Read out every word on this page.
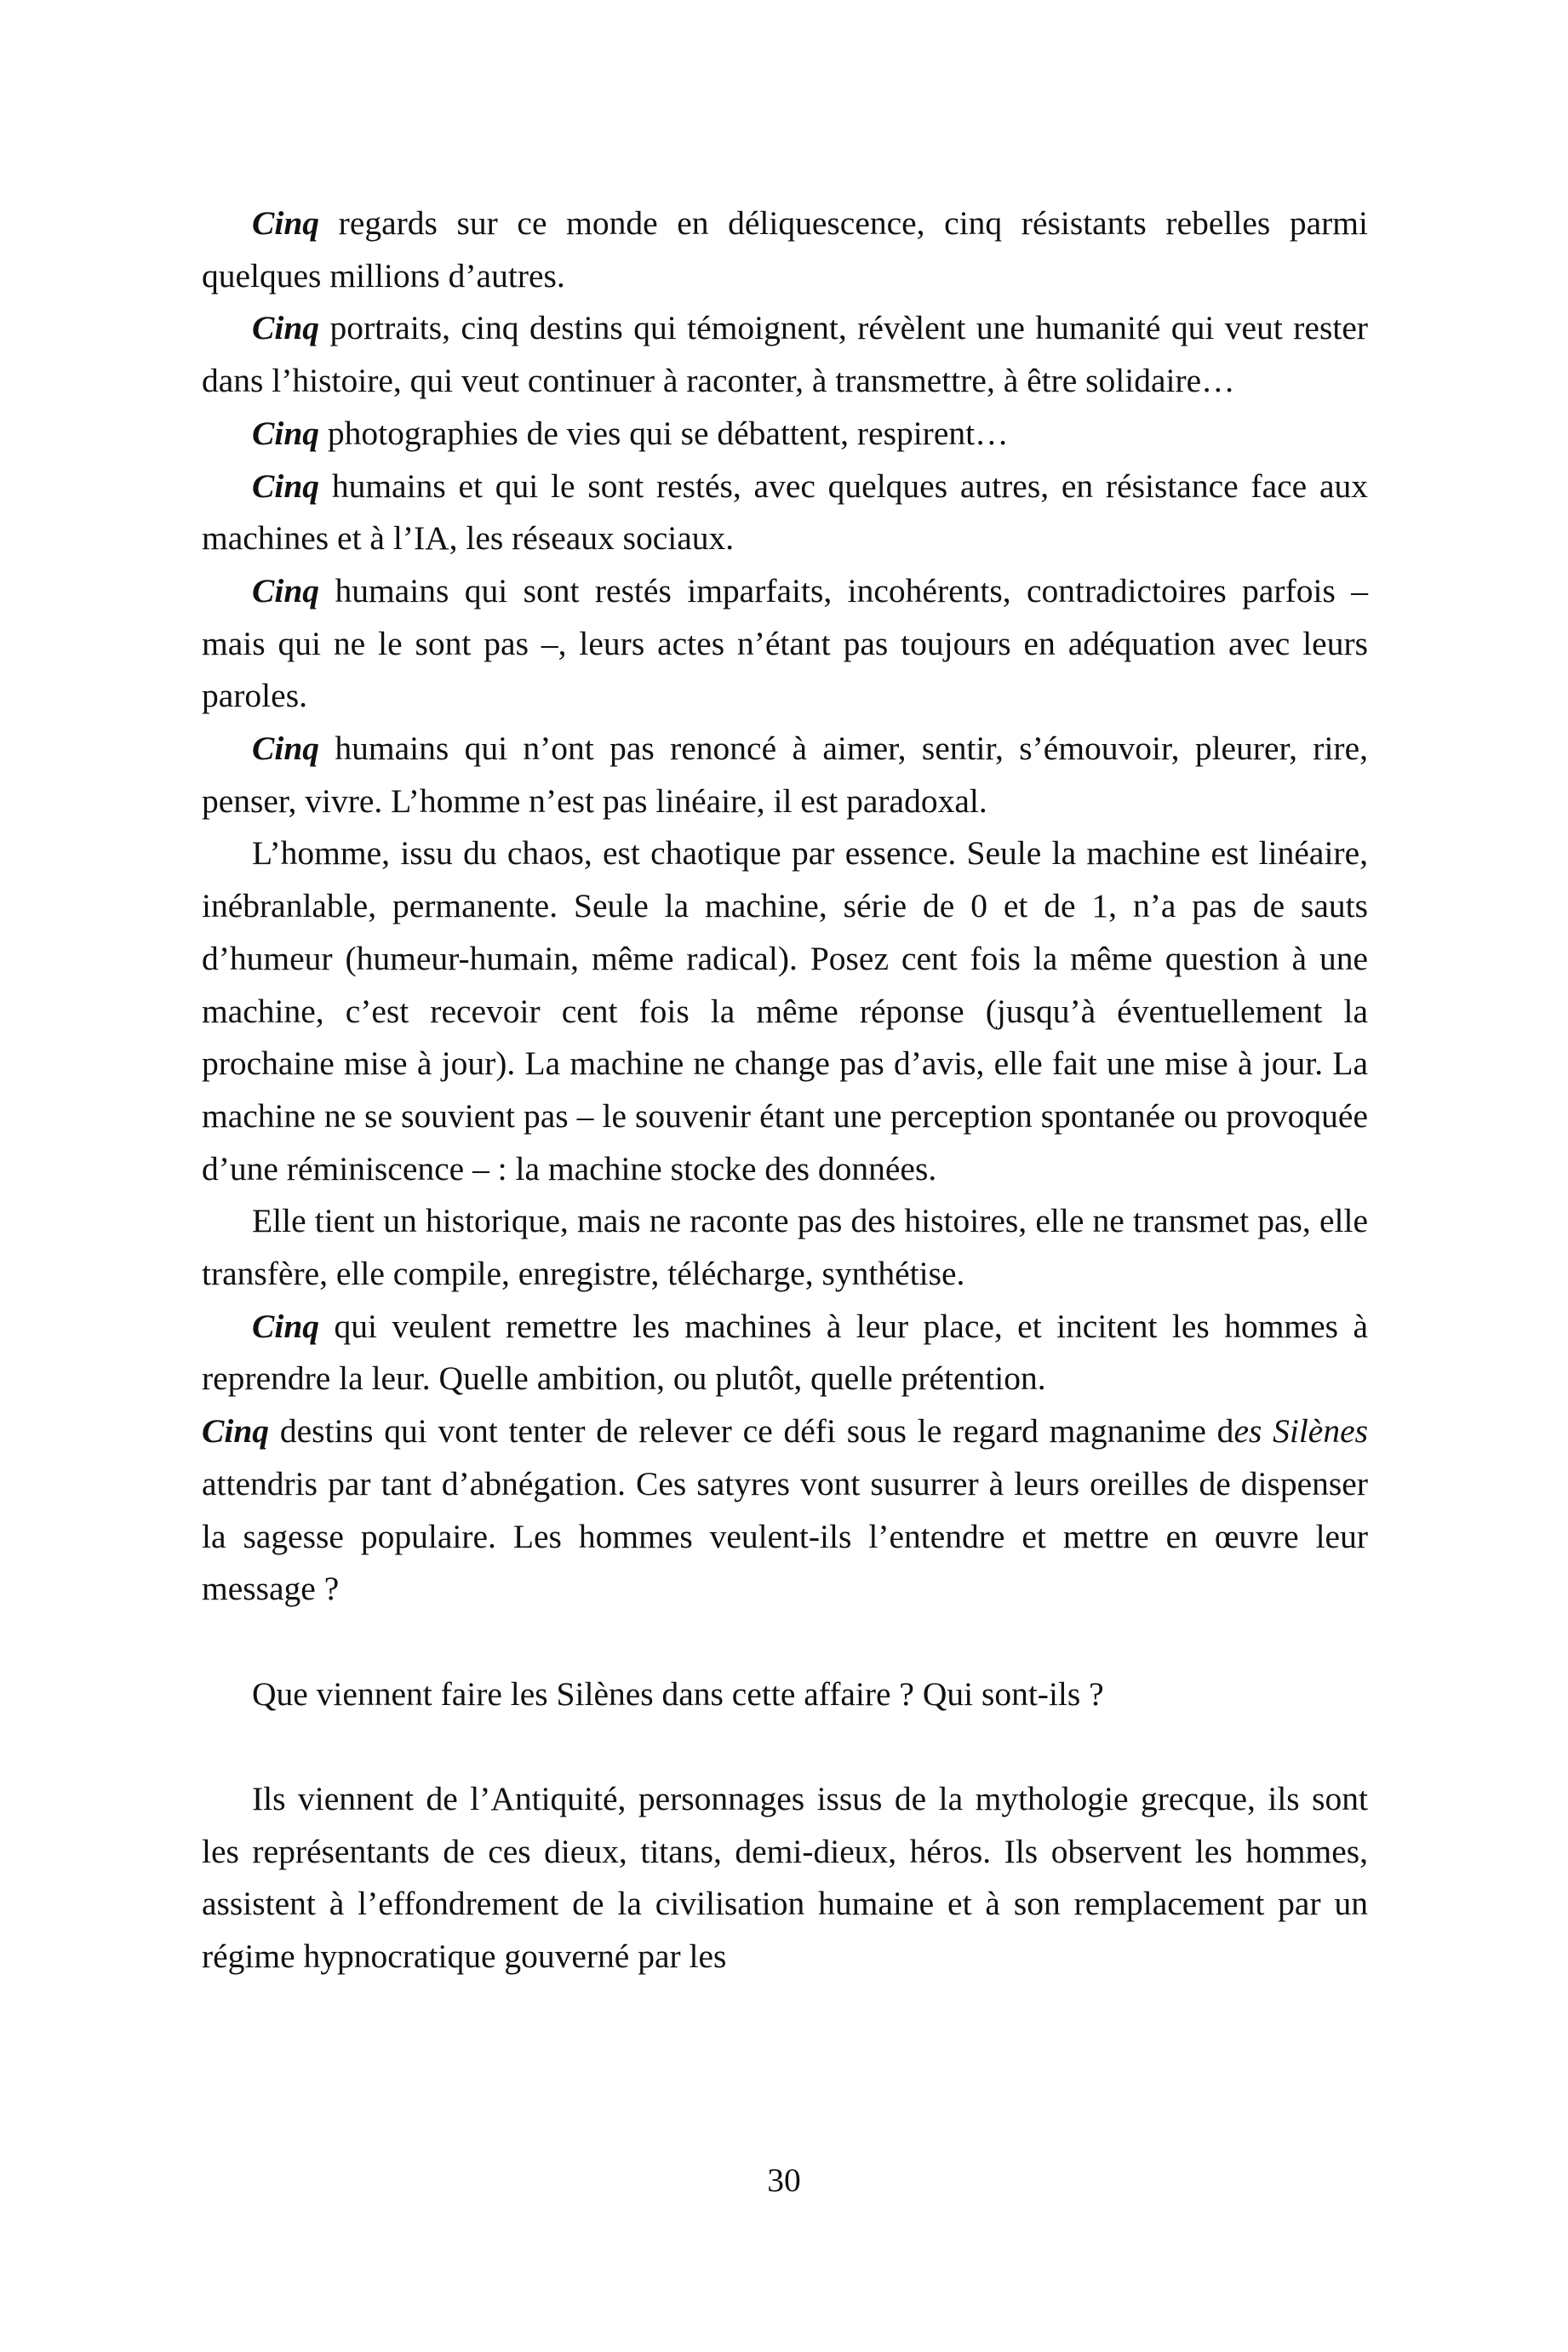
Cinq regards sur ce monde en déliquescence, cinq résistants rebelles parmi quelques millions d’autres.

Cinq portraits, cinq destins qui témoignent, révèlent une humanité qui veut rester dans l’histoire, qui veut continuer à raconter, à transmettre, à être solidaire…

Cinq photographies de vies qui se débattent, respirent…

Cinq humains et qui le sont restés, avec quelques autres, en résistance face aux machines et à l’IA, les réseaux sociaux.

Cinq humains qui sont restés imparfaits, incohérents, contradictoires parfois – mais qui ne le sont pas –, leurs actes n’étant pas toujours en adéquation avec leurs paroles.

Cinq humains qui n’ont pas renoncé à aimer, sentir, s’émouvoir, pleurer, rire, penser, vivre. L’homme n’est pas linéaire, il est paradoxal.

L’homme, issu du chaos, est chaotique par essence. Seule la machine est linéaire, inébranlable, permanente. Seule la machine, série de 0 et de 1, n’a pas de sauts d’humeur (humeur-humain, même radical). Posez cent fois la même question à une machine, c’est recevoir cent fois la même réponse (jusqu’à éventuellement la prochaine mise à jour). La machine ne change pas d’avis, elle fait une mise à jour. La machine ne se souvient pas – le souvenir étant une perception spontanée ou provoquée d’une réminiscence – : la machine stocke des données.

Elle tient un historique, mais ne raconte pas des histoires, elle ne transmet pas, elle transfère, elle compile, enregistre, télécharge, synthétise.

Cinq qui veulent remettre les machines à leur place, et incitent les hommes à reprendre la leur. Quelle ambition, ou plutôt, quelle prétention.

Cinq destins qui vont tenter de relever ce défi sous le regard magnanime des Silènes attendris par tant d’abnégation. Ces satyres vont susurrer à leurs oreilles de dispenser la sagesse populaire. Les hommes veulent-ils l’entendre et mettre en œuvre leur message ?

Que viennent faire les Silènes dans cette affaire ? Qui sont-ils ?

Ils viennent de l’Antiquité, personnages issus de la mythologie grecque, ils sont les représentants de ces dieux, titans, demi-dieux, héros. Ils observent les hommes, assistent à l’effondrement de la civilisation humaine et à son remplacement par un régime hypnocratique gouverné par les

30
